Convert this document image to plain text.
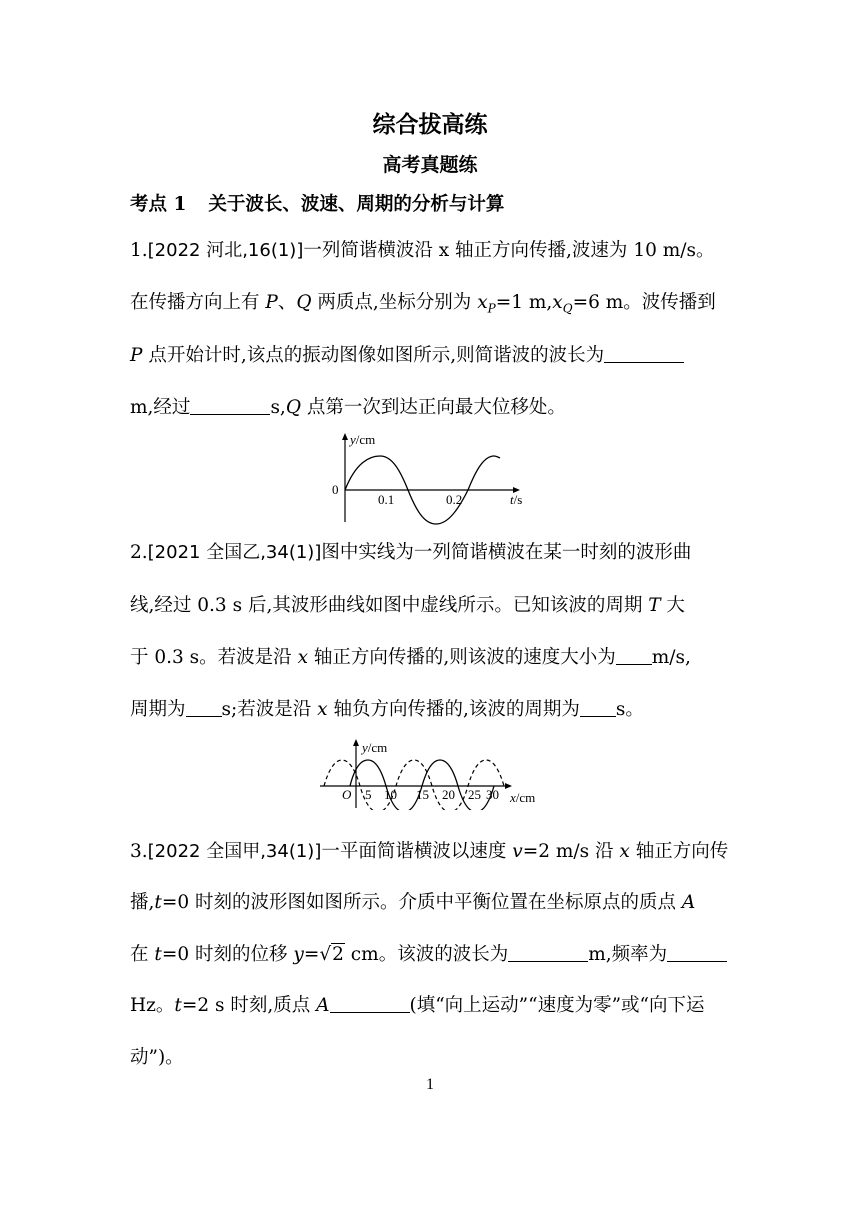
综合拔高练
高考真题练
考点 1 关于波长、波速、周期的分析与计算
1.[2022 河北,16(1)]一列简谐横波沿 x 轴正方向传播,波速为 10 m/s。
在传播方向上有 P、Q 两质点,坐标分别为 $x_P=1$ $m,x_Q=6$ m。波传播到
P 点开始计时,该点的振动图像如图所示,则简谐波的波长为
m,经过	s,Q 点第一次到达正向最大位移处。
y/cm
0
0.1	0.2	t/s
2.[2021 全国乙,34(1)]图中实线为一列简谐横波在某一时刻的波形曲
线,经过 0.3 s 后,其波形曲线如图中虚线所示。已知该波的周期 T 大
于 0.3 s。若波是沿 x 轴正方向传播的,则该波的速度大小为 m/s,
周期为 s;若波是沿 x 轴负方向传播的,该波的周期为 s。
y/cm
O 5 10 15 20 25 30 x/cm
3.[2022 全国甲,34(1)]一平面简谐横波以速度 v=2 m/s 沿 x 轴正方向传
播,t=0 时刻的波形图如图所示。介质中平衡位置在坐标原点的质点 A
在 t=0 时刻的位移 y=√2 cm。该波的波长为	m,频率为
Hz。t=2 s 时刻,质点 A	(填“向上运动”“速度为零”或“向下运
动”)。
1
